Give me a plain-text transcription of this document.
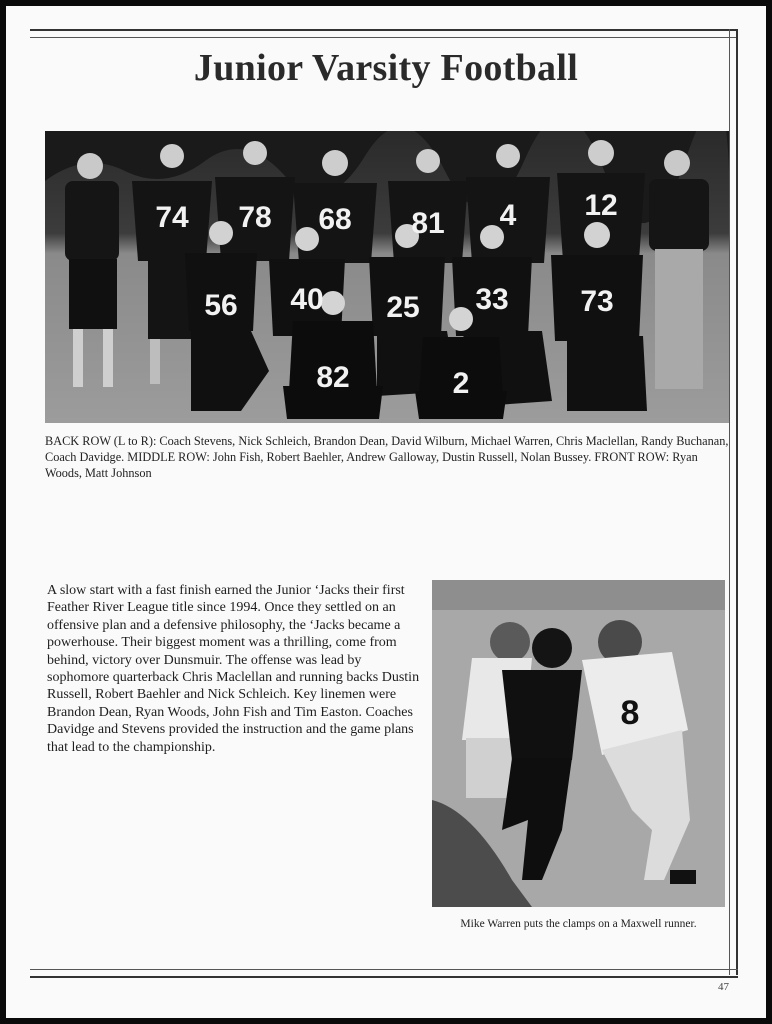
Junior Varsity Football
74 78 68 81 4 12
56 40 25 33 73
82	2

BACK ROW (L to R): Coach Stevens, Nick Schleich, Brandon Dean, David Wilburn, Michael Warren, Chris Maclellan, Randy Buchanan, Coach Davidge. MIDDLE ROW: John Fish, Robert Baehler, Andrew Galloway, Dustin Russell, Nolan Bussey. FRONT ROW: Ryan Woods, Matt Johnson

A slow start with a fast finish earned the Junior ‘Jacks their first Feather River League title since 1994. Once they settled on an offensive plan and a defensive philosophy, the ‘Jacks became a powerhouse. Their biggest moment was a thrilling, come from behind, victory over Dunsmuir. The offense was lead by sophomore quarterback Chris Maclellan and running backs Dustin Russell, Robert Baehler and Nick Schleich. Key linemen were Brandon Dean, Ryan Woods, John Fish and Tim Easton. Coaches Davidge and Stevens provided the instruction and the game plans that lead to the championship.

8

Mike Warren puts the clamps on a Maxwell runner.

47
